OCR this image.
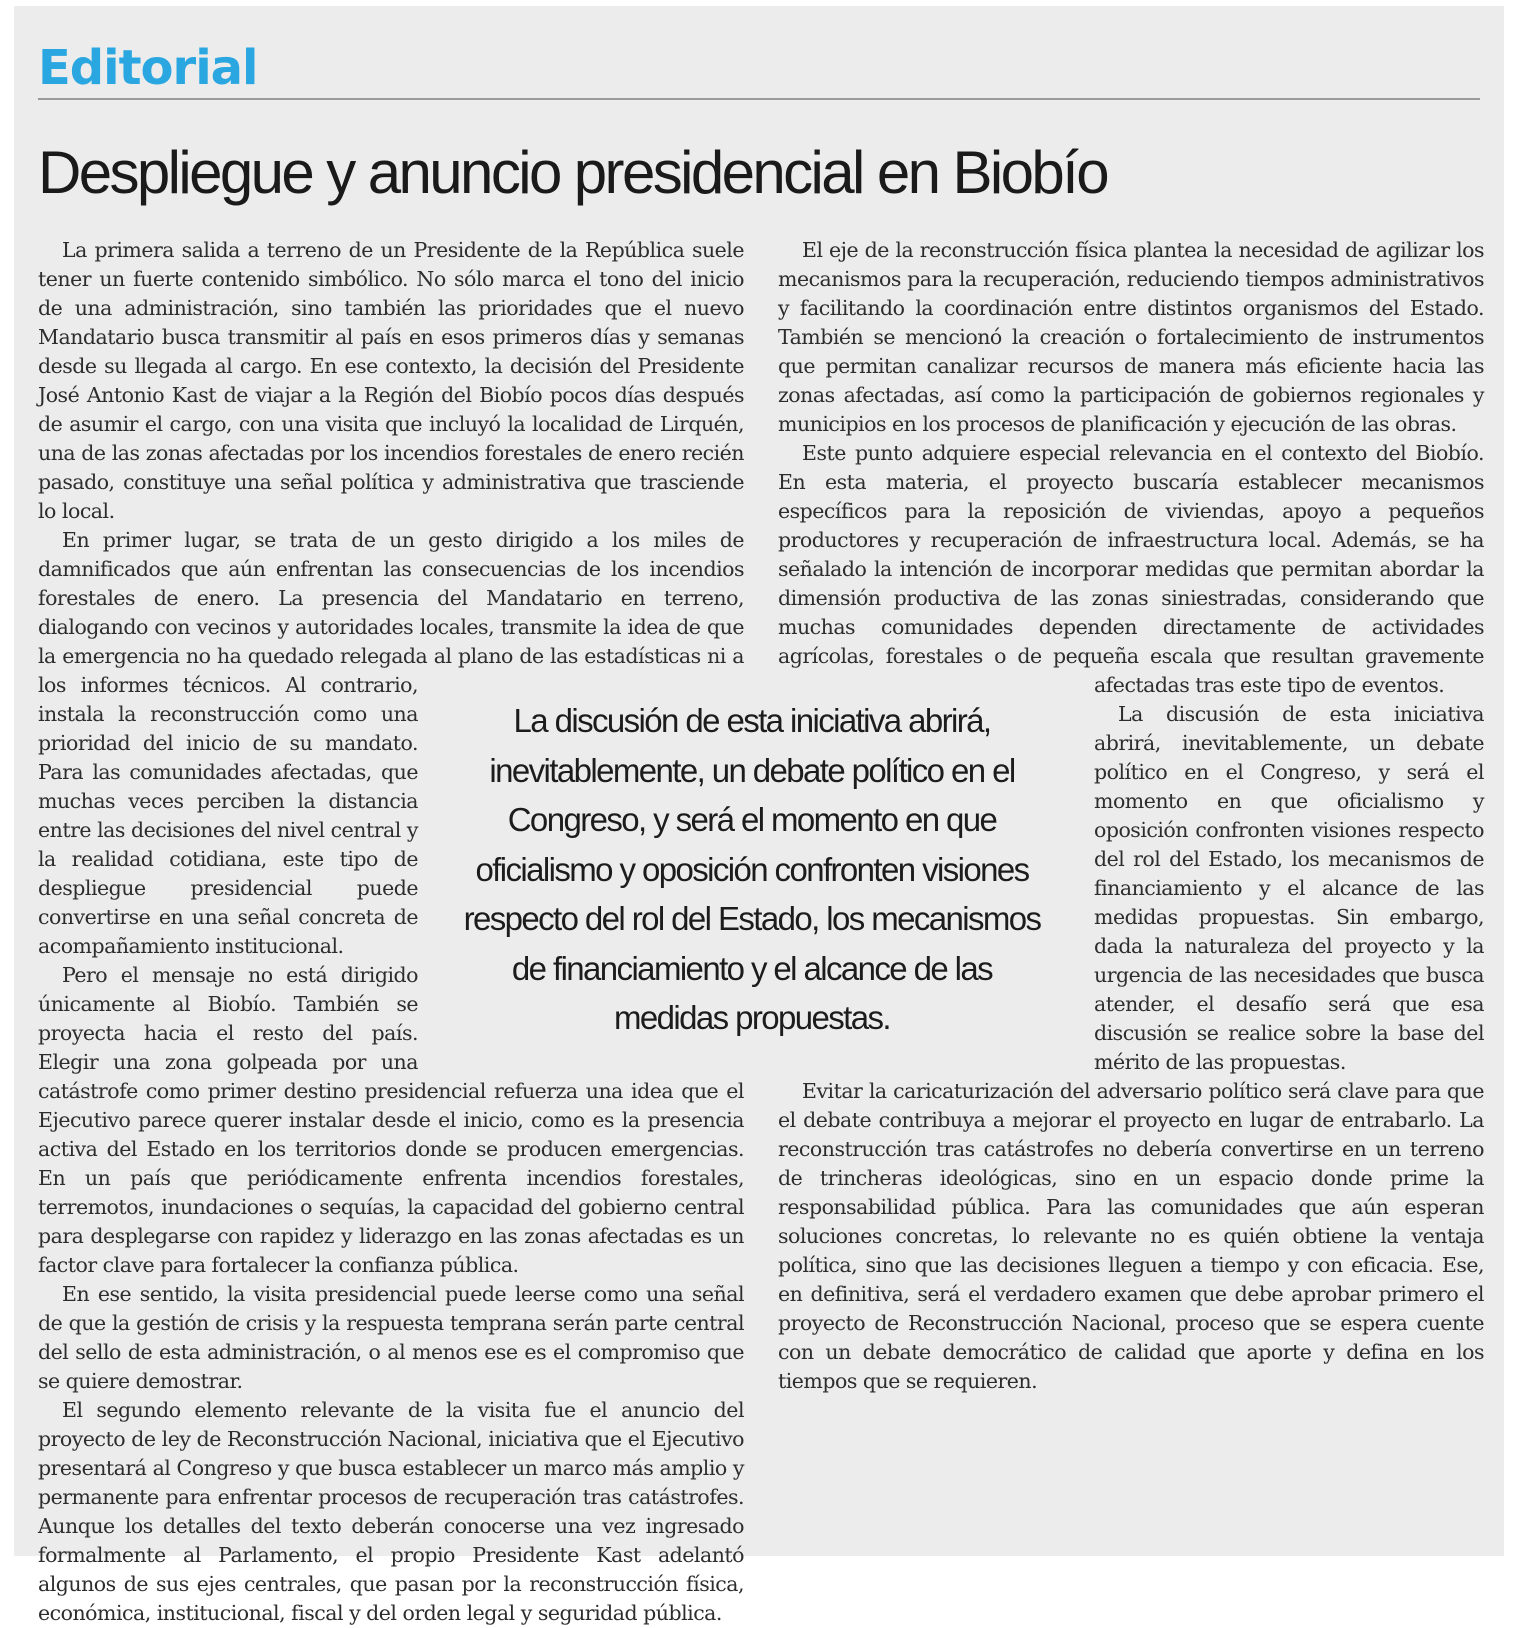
Editorial
Despliegue y anuncio presidencial en Biobío

La primera salida a terreno de un Presidente de la República suele tener un fuerte contenido simbólico. No sólo marca el tono del inicio de una administración, sino también las prioridades que el nuevo Mandatario busca transmitir al país en esos primeros días y semanas desde su llegada al cargo. En ese contexto, la decisión del Presidente José Antonio Kast de viajar a la Región del Biobío pocos días después de asumir el cargo, con una visita que incluyó la localidad de Lirquén, una de las zonas afectadas por los incendios forestales de enero recién pasado, constituye una señal política y administrativa que trasciende lo local.

En primer lugar, se trata de un gesto dirigido a los miles de damnificados que aún enfrentan las consecuencias de los incendios forestales de enero. La presencia del Mandatario en terreno, dialogando con vecinos y autoridades locales, transmite la idea de que la emergencia no ha quedado relegada al plano de las estadísticas ni a los informes técnicos. Al contrario, instala la reconstrucción como una prioridad del inicio de su mandato. Para las comunidades afectadas, que muchas veces perciben la distancia entre las decisiones del nivel central y la realidad cotidiana, este tipo de despliegue presidencial puede convertirse en una señal concreta de acompañamiento institucional.

Pero el mensaje no está dirigido únicamente al Biobío. También se proyecta hacia el resto del país. Elegir una zona golpeada por una catástrofe como primer destino presidencial refuerza una idea que el Ejecutivo parece querer instalar desde el inicio, como es la presencia activa del Estado en los territorios donde se producen emergencias. En un país que periódicamente enfrenta incendios forestales, terremotos, inundaciones o sequías, la capacidad del gobierno central para desplegarse con rapidez y liderazgo en las zonas afectadas es un factor clave para fortalecer la confianza pública.

En ese sentido, la visita presidencial puede leerse como una señal de que la gestión de crisis y la respuesta temprana serán parte central del sello de esta administración, o al menos ese es el compromiso que se quiere demostrar.

El segundo elemento relevante de la visita fue el anuncio del proyecto de ley de Reconstrucción Nacional, iniciativa que el Ejecutivo presentará al Congreso y que busca establecer un marco más amplio y permanente para enfrentar procesos de recuperación tras catástrofes. Aunque los detalles del texto deberán conocerse una vez ingresado formalmente al Parlamento, el propio Presidente Kast adelantó algunos de sus ejes centrales, que pasan por la reconstrucción física, económica, institucional, fiscal y del orden legal y seguridad pública.

El eje de la reconstrucción física plantea la necesidad de agilizar los mecanismos para la recuperación, reduciendo tiempos administrativos y facilitando la coordinación entre distintos organismos del Estado. También se mencionó la creación o fortalecimiento de instrumentos que permitan canalizar recursos de manera más eficiente hacia las zonas afectadas, así como la participación de gobiernos regionales y municipios en los procesos de planificación y ejecución de las obras.

Este punto adquiere especial relevancia en el contexto del Biobío. En esta materia, el proyecto buscaría establecer mecanismos específicos para la reposición de viviendas, apoyo a pequeños productores y recuperación de infraestructura local. Además, se ha señalado la intención de incorporar medidas que permitan abordar la dimensión productiva de las zonas siniestradas, considerando que muchas comunidades dependen directamente de actividades agrícolas, forestales o de pequeña escala que resultan gravemente afectadas tras este tipo de eventos.

La discusión de esta iniciativa abrirá, inevitablemente, un debate político en el Congreso, y será el momento en que oficialismo y oposición confronten visiones respecto del rol del Estado, los mecanismos de financiamiento y el alcance de las medidas propuestas. Sin embargo, dada la naturaleza del proyecto y la urgencia de las necesidades que busca atender, el desafío será que esa discusión se realice sobre la base del mérito de las propuestas.

Evitar la caricaturización del adversario político será clave para que el debate contribuya a mejorar el proyecto en lugar de entrabarlo. La reconstrucción tras catástrofes no debería convertirse en un terreno de trincheras ideológicas, sino en un espacio donde prime la responsabilidad pública. Para las comunidades que aún esperan soluciones concretas, lo relevante no es quién obtiene la ventaja política, sino que las decisiones lleguen a tiempo y con eficacia. Ese, en definitiva, será el verdadero examen que debe aprobar primero el proyecto de Reconstrucción Nacional, proceso que se espera cuente con un debate democrático de calidad que aporte y defina en los tiempos que se requieren.

La discusión de esta iniciativa abrirá, inevitablemente, un debate político en el Congreso, y será el momento en que oficialismo y oposición confronten visiones respecto del rol del Estado, los mecanismos de financiamiento y el alcance de las medidas propuestas.
